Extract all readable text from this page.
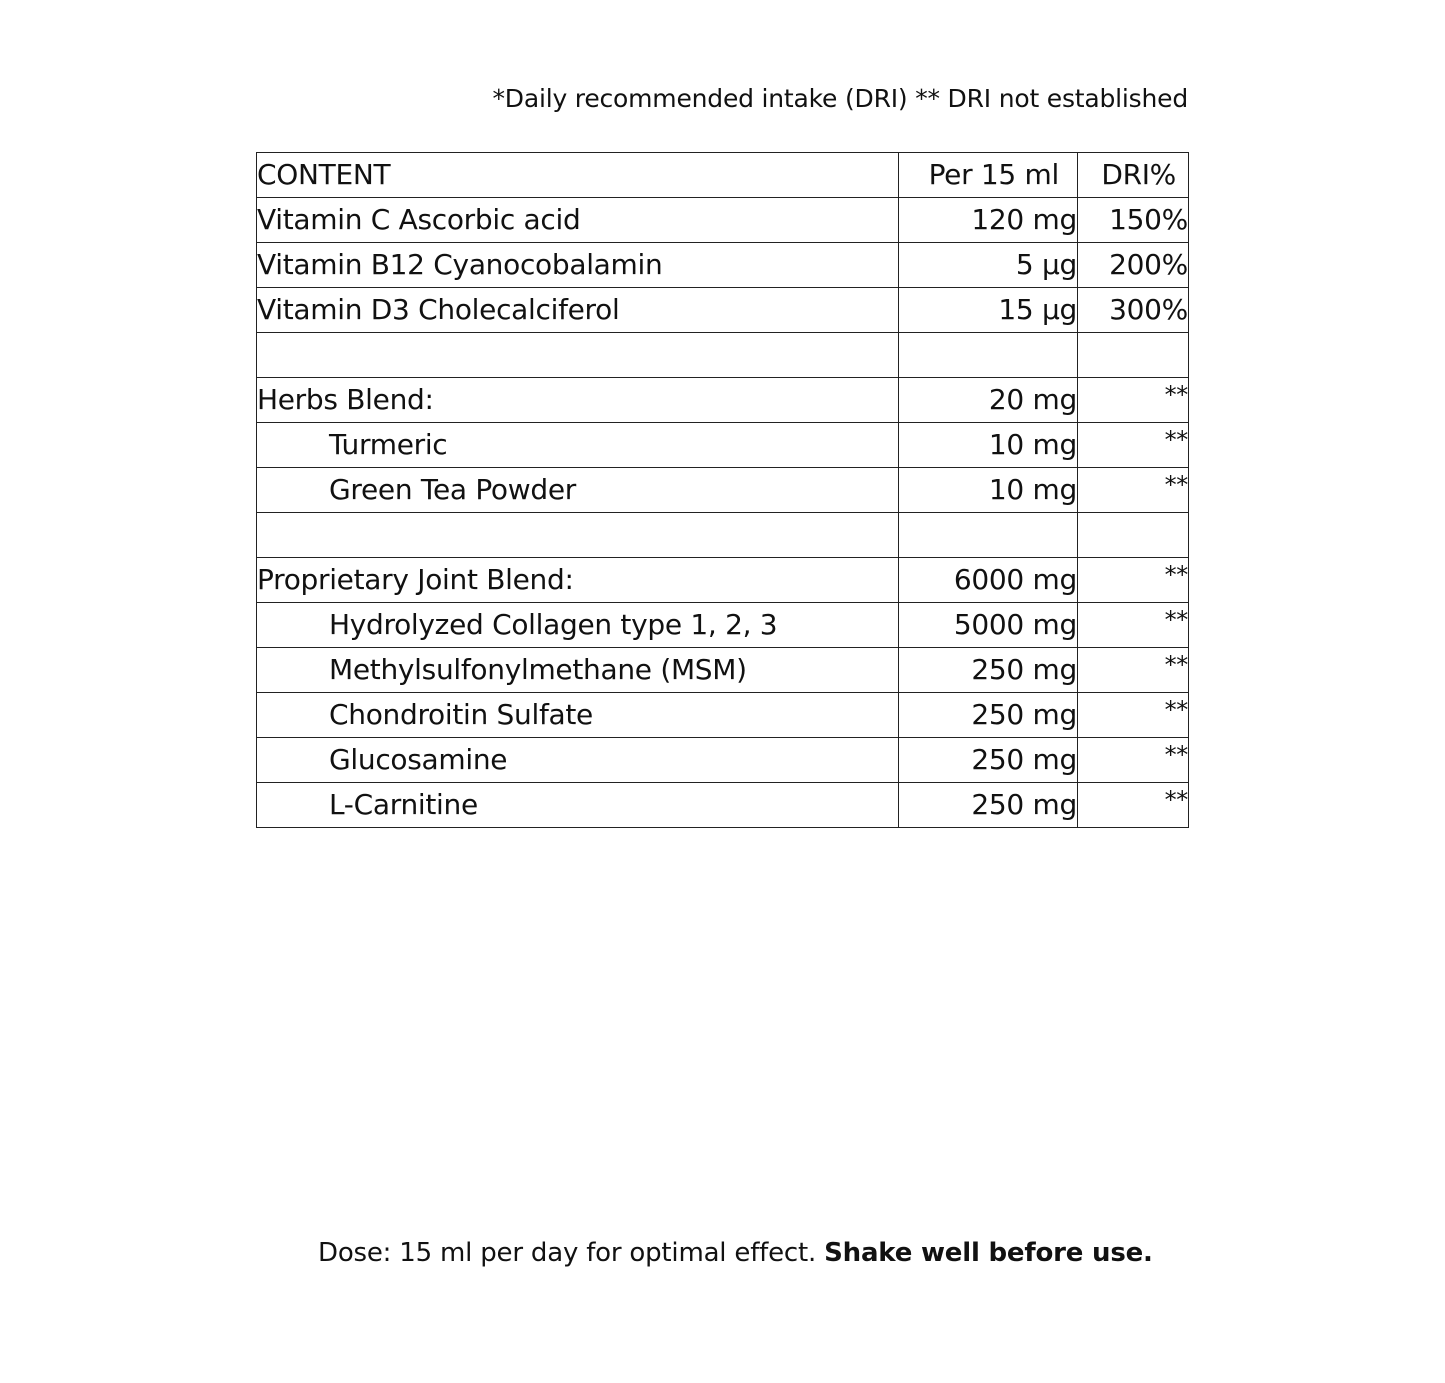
*Daily recommended intake (DRI) ** DRI not established
CONTENT	Per 15 ml	DRI%
Vitamin C Ascorbic acid	120 mg	150%
Vitamin B12 Cyanocobalamin	5 µg	200%
Vitamin D3 Cholecalciferol	15 µg	300%

Herbs Blend:	20 mg	**
Turmeric	10 mg	**
Green Tea Powder	10 mg	**

Proprietary Joint Blend:	6000 mg	**
Hydrolyzed Collagen type 1, 2, 3	5000 mg	**
Methylsulfonylmethane (MSM)	250 mg	**
Chondroitin Sulfate	250 mg	**
Glucosamine	250 mg	**
L-Carnitine	250 mg	**
Dose: 15 ml per day for optimal effect. Shake well before use.
